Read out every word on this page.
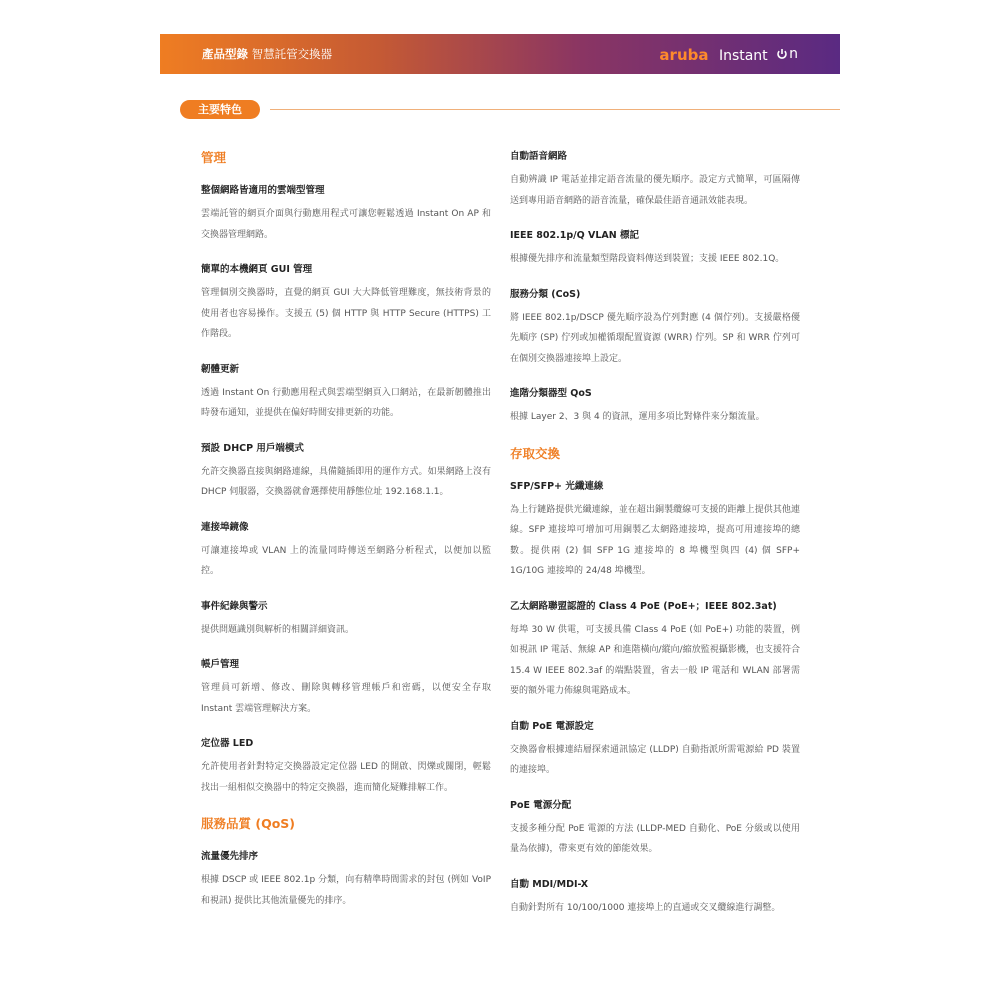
產品型錄 智慧託管交換器	aruba Instant n
主要特色
管理
整個網路皆適用的雲端型管理

雲端託管的網頁介面與行動應用程式可讓您輕鬆透過 Instant On AP 和交換器管理網路。

簡單的本機網頁 GUI 管理

管理個別交換器時，直覺的網頁 GUI 大大降低管理難度，無技術背景的使用者也容易操作。支援五 (5) 個 HTTP 與 HTTP Secure (HTTPS) 工作階段。

韌體更新

透過 Instant On 行動應用程式與雲端型網頁入口網站，在最新韌體推出時發布通知，並提供在偏好時間安排更新的功能。

預設 DHCP 用戶端模式

允許交換器直接與網路連線，具備隨插即用的運作方式。如果網路上沒有 DHCP 伺服器，交換器就會選擇使用靜態位址 192.168.1.1。

連接埠鏡像

可讓連接埠或 VLAN 上的流量同時傳送至網路分析程式，以便加以監控。

事件紀錄與警示

提供問題識別與解析的相關詳細資訊。

帳戶管理

管理員可新增、修改、刪除與轉移管理帳戶和密碼，以便安全存取 Instant 雲端管理解決方案。

定位器 LED

允許使用者針對特定交換器設定定位器 LED 的開啟、閃爍或關閉，輕鬆找出一組相似交換器中的特定交換器，進而簡化疑難排解工作。

服務品質 (QoS)
流量優先排序

根據 DSCP 或 IEEE 802.1p 分類，向有精準時間需求的封包 (例如 VoIP 和視訊) 提供比其他流量優先的排序。

自動語音網路

自動辨識 IP 電話並排定語音流量的優先順序。設定方式簡單，可區隔傳送到專用語音網路的語音流量，確保最佳語音通訊效能表現。

IEEE 802.1p/Q VLAN 標記

根據優先排序和流量類型階段資料傳送到裝置；支援 IEEE 802.1Q。

服務分類 (CoS)

將 IEEE 802.1p/DSCP 優先順序設為佇列對應 (4 個佇列)。支援嚴格優先順序 (SP) 佇列或加權循環配置資源 (WRR) 佇列。SP 和 WRR 佇列可在個別交換器連接埠上設定。

進階分類器型 QoS

根據 Layer 2、3 與 4 的資訊，運用多項比對條件來分類流量。

存取交換
SFP/SFP+ 光纖連線

為上行鏈路提供光纖連線，並在超出銅製纜線可支援的距離上提供其他連線。SFP 連接埠可增加可用銅製乙太網路連接埠，提高可用連接埠的總數。提供兩 (2) 個 SFP 1G 連接埠的 8 埠機型與四 (4) 個 SFP+ 1G/10G 連接埠的 24/48 埠機型。

乙太網路聯盟認證的 Class 4 PoE (PoE+；IEEE 802.3at)

每埠 30 W 供電，可支援具備 Class 4 PoE (如 PoE+) 功能的裝置，例如視訊 IP 電話、無線 AP 和進階橫向/縱向/縮放監視攝影機，也支援符合 15.4 W IEEE 802.3af 的端點裝置，省去一般 IP 電話和 WLAN 部署需要的額外電力佈線與電路成本。

自動 PoE 電源設定

交換器會根據連結層探索通訊協定 (LLDP) 自動指派所需電源給 PD 裝置的連接埠。

PoE 電源分配

支援多種分配 PoE 電源的方法 (LLDP-MED 自動化、PoE 分級或以使用量為依據)，帶來更有效的節能效果。

自動 MDI/MDI-X

自動針對所有 10/100/1000 連接埠上的直通或交叉纜線進行調整。
